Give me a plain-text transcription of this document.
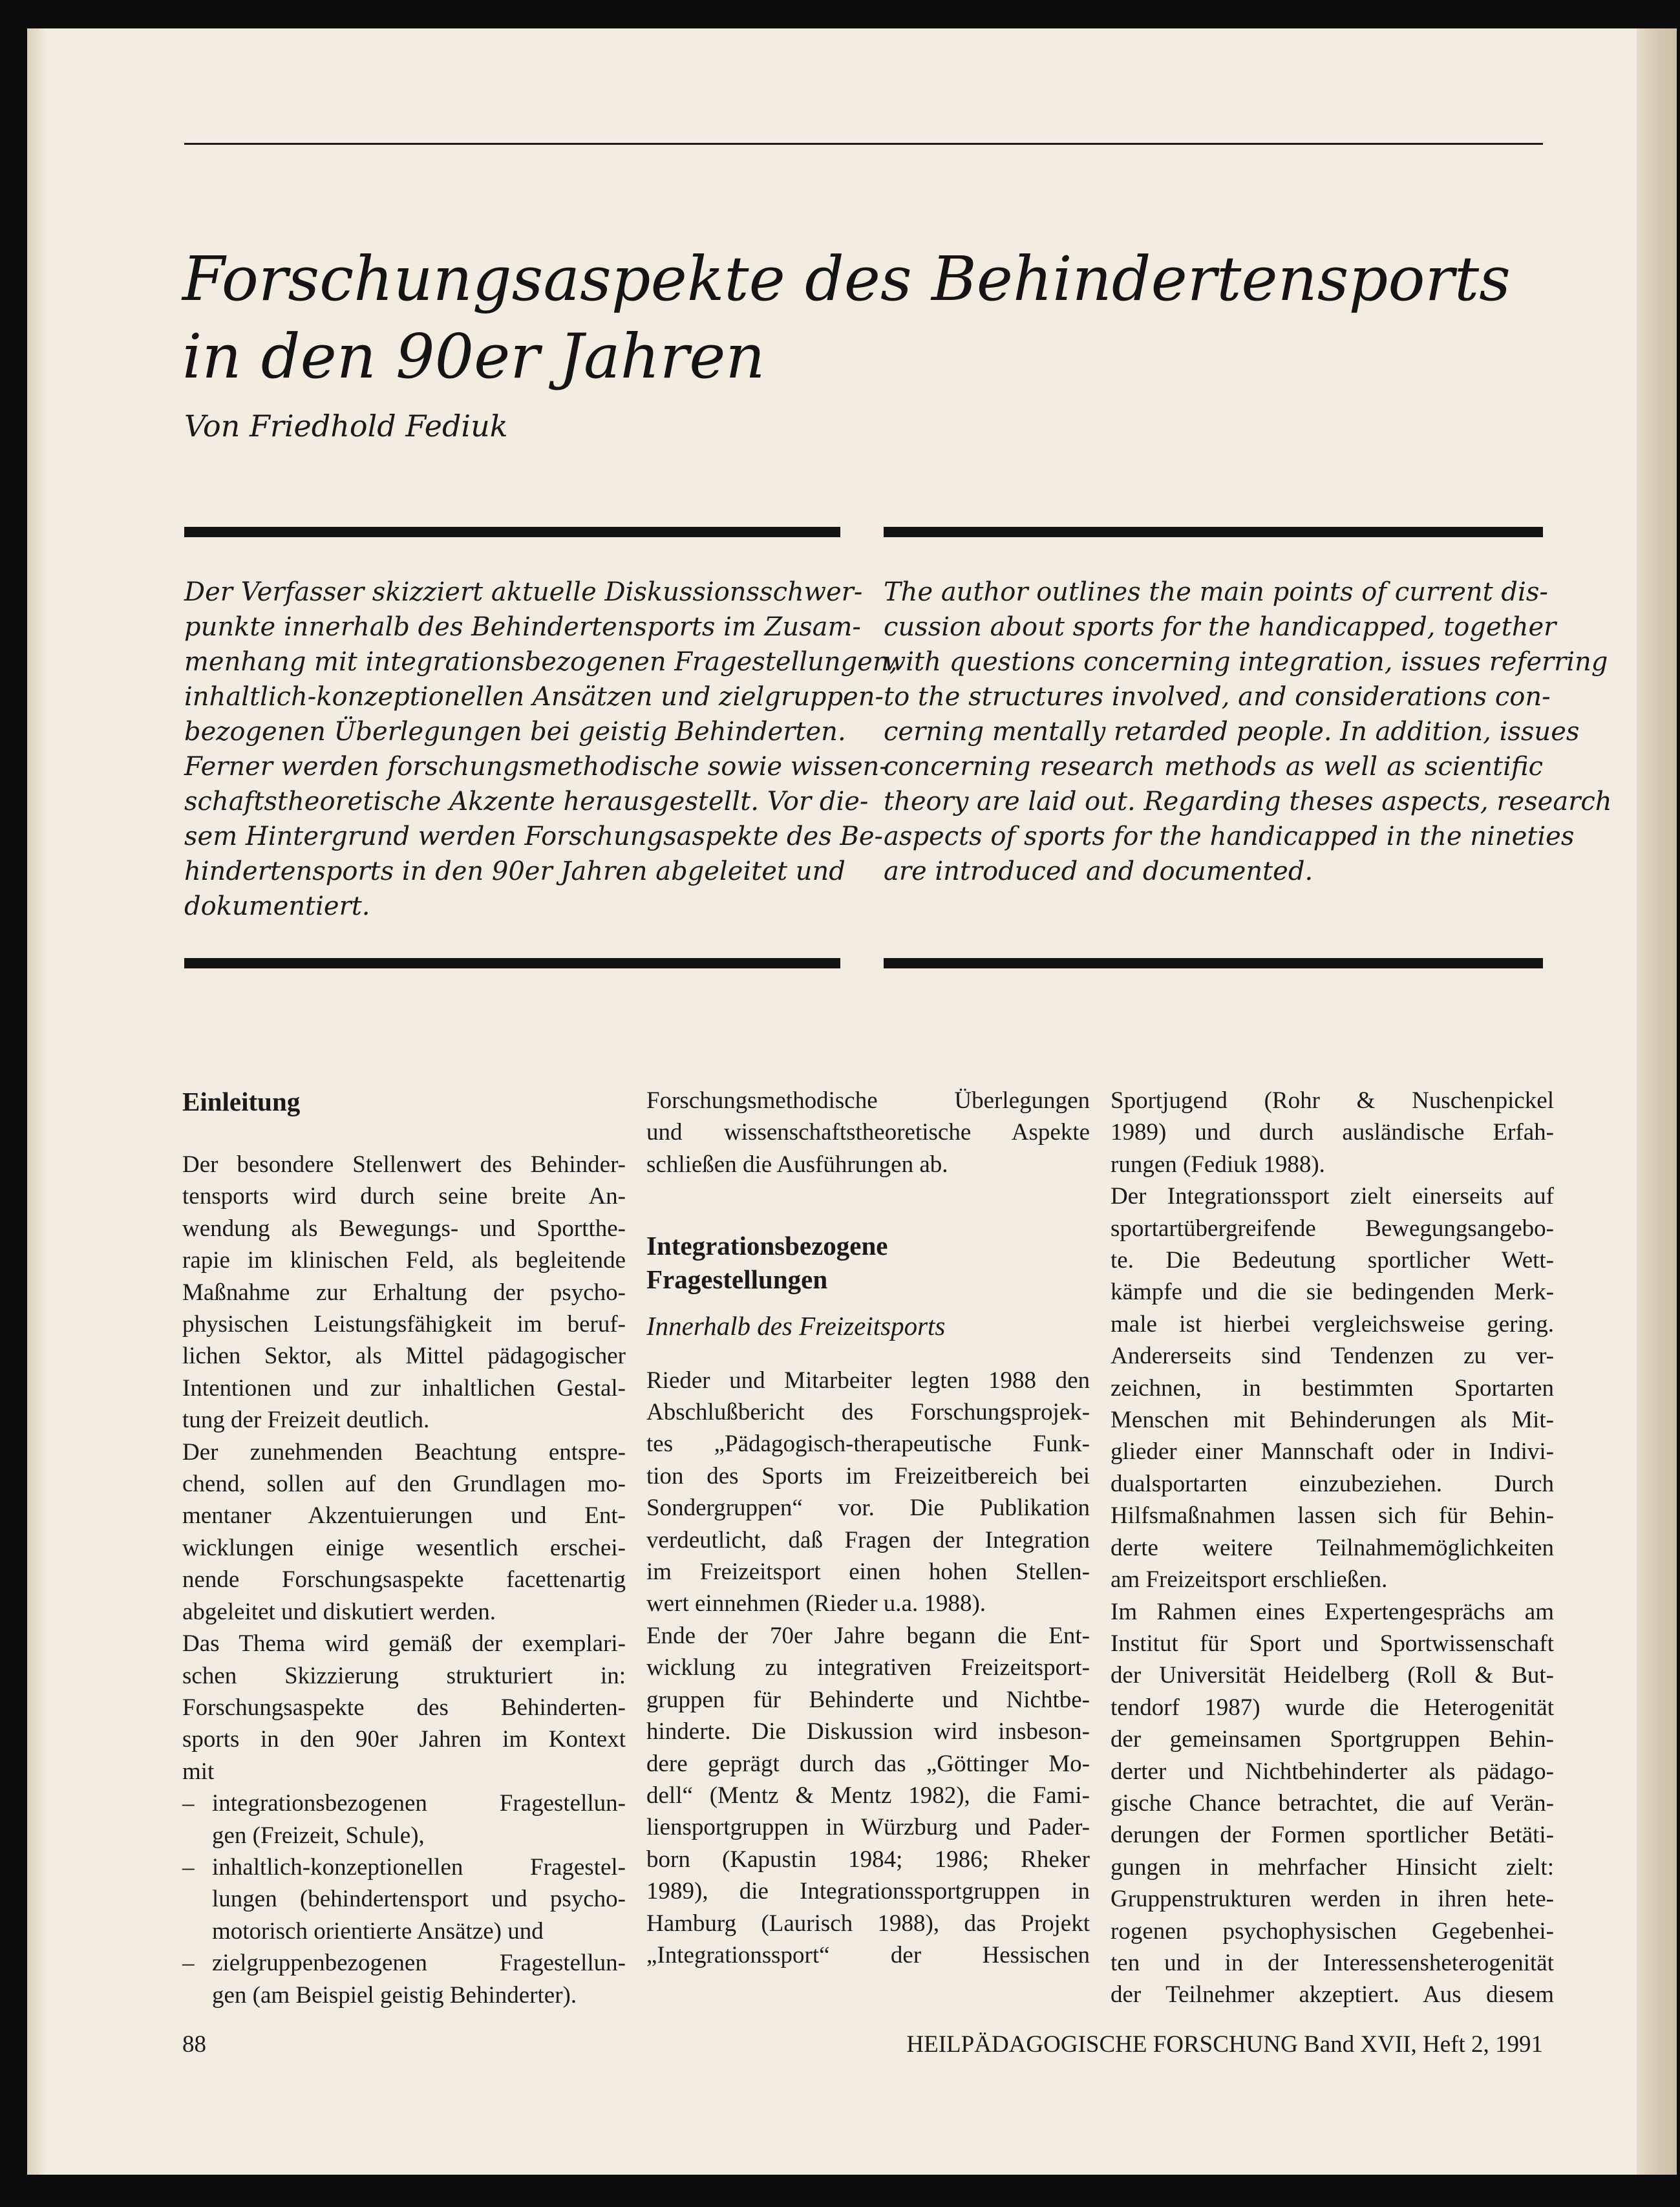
Forschungsaspekte des Behindertensports
in den 90er Jahren
Von Friedhold Fediuk
Der Verfasser skizziert aktuelle Diskussionsschwer-
punkte innerhalb des Behindertensports im Zusam-
menhang mit integrationsbezogenen Fragestellungen,
inhaltlich-konzeptionellen Ansätzen und zielgruppen-
bezogenen Überlegungen bei geistig Behinderten.
Ferner werden forschungsmethodische sowie wissen-
schaftstheoretische Akzente herausgestellt. Vor die-
sem Hintergrund werden Forschungsaspekte des Be-
hindertensports in den 90er Jahren abgeleitet und
dokumentiert.
The author outlines the main points of current dis-
cussion about sports for the handicapped, together
with questions concerning integration, issues referring
to the structures involved, and considerations con-
cerning mentally retarded people. In addition, issues
concerning research methods as well as scientific
theory are laid out. Regarding theses aspects, research
aspects of sports for the handicapped in the nineties
are introduced and documented.
Einleitung
Der besondere Stellenwert des Behinder-
tensports wird durch seine breite An-
wendung als Bewegungs- und Sportthe-
rapie im klinischen Feld, als begleitende
Maßnahme zur Erhaltung der psycho-
physischen Leistungsfähigkeit im beruf-
lichen Sektor, als Mittel pädagogischer
Intentionen und zur inhaltlichen Gestal-
tung der Freizeit deutlich.
Der zunehmenden Beachtung entspre-
chend, sollen auf den Grundlagen mo-
mentaner Akzentuierungen und Ent-
wicklungen einige wesentlich erschei-
nende Forschungsaspekte facettenartig
abgeleitet und diskutiert werden.
Das Thema wird gemäß der exemplari-
schen Skizzierung strukturiert in:
Forschungsaspekte des Behinderten-
sports in den 90er Jahren im Kontext
mit
– integrationsbezogenen Fragestellun-
gen (Freizeit, Schule),
– inhaltlich-konzeptionellen Fragestel-
lungen (behindertensport und psycho-
motorisch orientierte Ansätze) und
– zielgruppenbezogenen Fragestellun-
gen (am Beispiel geistig Behinderter).
Forschungsmethodische Überlegungen
und wissenschaftstheoretische Aspekte
schließen die Ausführungen ab.
Integrationsbezogene
Fragestellungen
Innerhalb des Freizeitsports
Rieder und Mitarbeiter legten 1988 den
Abschlußbericht des Forschungsprojek-
tes „Pädagogisch-therapeutische Funk-
tion des Sports im Freizeitbereich bei
Sondergruppen“ vor. Die Publikation
verdeutlicht, daß Fragen der Integration
im Freizeitsport einen hohen Stellen-
wert einnehmen (Rieder u.a. 1988).
Ende der 70er Jahre begann die Ent-
wicklung zu integrativen Freizeitsport-
gruppen für Behinderte und Nichtbe-
hinderte. Die Diskussion wird insbeson-
dere geprägt durch das „Göttinger Mo-
dell“ (Mentz & Mentz 1982), die Fami-
liensportgruppen in Würzburg und Pader-
born (Kapustin 1984; 1986; Rheker
1989), die Integrationssportgruppen in
Hamburg (Laurisch 1988), das Projekt
„Integrationssport“ der Hessischen
Sportjugend (Rohr & Nuschenpickel
1989) und durch ausländische Erfah-
rungen (Fediuk 1988).
Der Integrationssport zielt einerseits auf
sportartübergreifende Bewegungsangebo-
te. Die Bedeutung sportlicher Wett-
kämpfe und die sie bedingenden Merk-
male ist hierbei vergleichsweise gering.
Andererseits sind Tendenzen zu ver-
zeichnen, in bestimmten Sportarten
Menschen mit Behinderungen als Mit-
glieder einer Mannschaft oder in Indivi-
dualsportarten einzubeziehen. Durch
Hilfsmaßnahmen lassen sich für Behin-
derte weitere Teilnahmemöglichkeiten
am Freizeitsport erschließen.
Im Rahmen eines Expertengesprächs am
Institut für Sport und Sportwissenschaft
der Universität Heidelberg (Roll & But-
tendorf 1987) wurde die Heterogenität
der gemeinsamen Sportgruppen Behin-
derter und Nichtbehinderter als pädago-
gische Chance betrachtet, die auf Verän-
derungen der Formen sportlicher Betäti-
gungen in mehrfacher Hinsicht zielt:
Gruppenstrukturen werden in ihren hete-
rogenen psychophysischen Gegebenhei-
ten und in der Interessensheterogenität
der Teilnehmer akzeptiert. Aus diesem
88	HEILPÄDAGOGISCHE FORSCHUNG Band XVII, Heft 2, 1991
